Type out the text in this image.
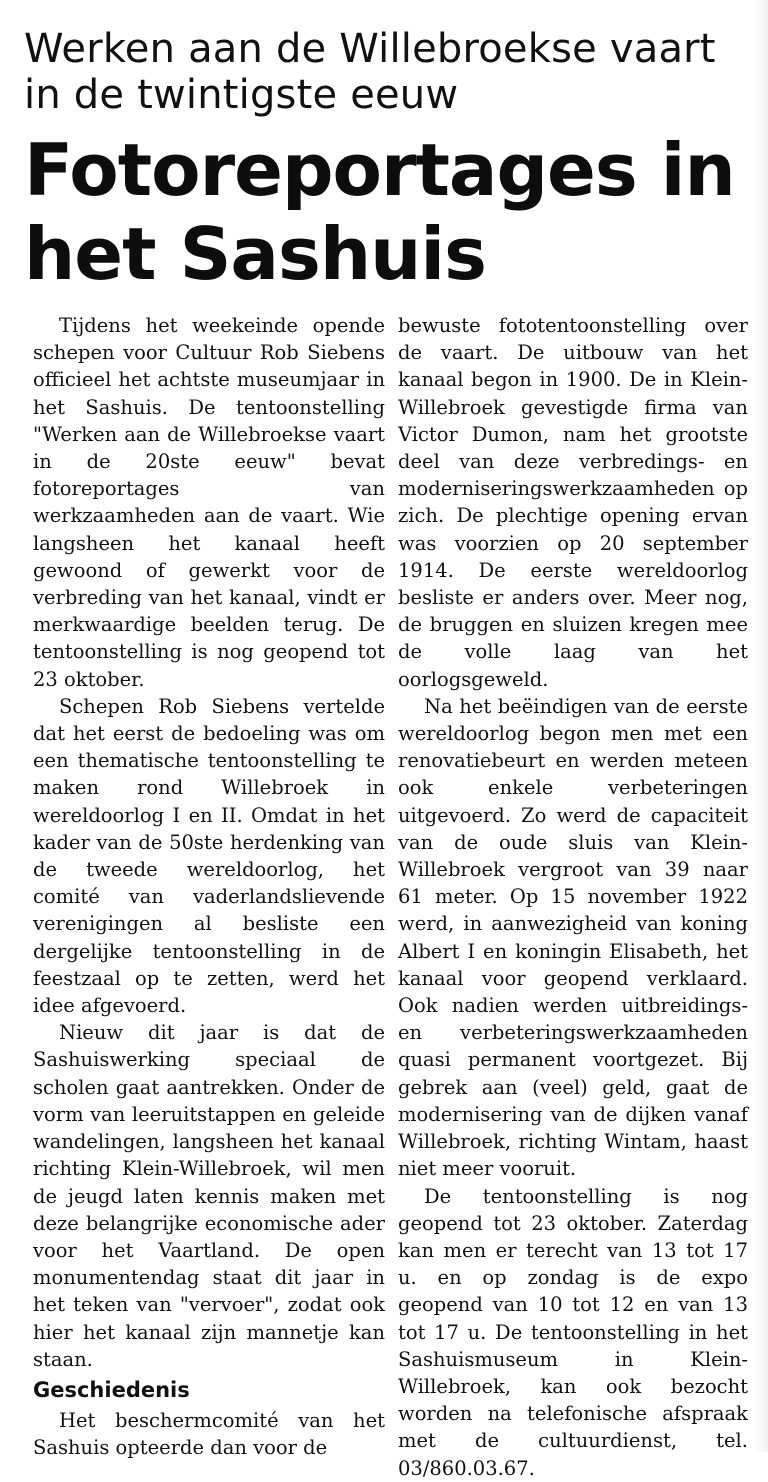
Werken aan de Willebroekse vaart in de twintigste eeuw
Fotoreportages in het Sashuis

Tijdens het weekeinde opende schepen voor Cultuur Rob Siebens officieel het achtste museumjaar in het Sashuis. De tentoonstelling "Werken aan de Willebroekse vaart in de 20ste eeuw" bevat fotoreportages van werkzaamheden aan de vaart. Wie langsheen het kanaal heeft gewoond of gewerkt voor de verbreding van het kanaal, vindt er merkwaardige beelden terug. De tentoonstelling is nog geopend tot 23 oktober.

Schepen Rob Siebens vertelde dat het eerst de bedoeling was om een thematische tentoonstelling te maken rond Willebroek in wereldoorlog I en II. Omdat in het kader van de 50ste herdenking van de tweede wereldoorlog, het comité van vaderlandslievende verenigingen al besliste een dergelijke tentoonstelling in de feestzaal op te zetten, werd het idee afgevoerd.

Nieuw dit jaar is dat de Sashuiswerking speciaal de scholen gaat aantrekken. Onder de vorm van leeruitstappen en geleide wandelingen, langsheen het kanaal richting Klein-Willebroek, wil men de jeugd laten kennis maken met deze belangrijke economische ader voor het Vaartland. De open monumentendag staat dit jaar in het teken van "vervoer", zodat ook hier het kanaal zijn mannetje kan staan.

Geschiedenis

Het beschermcomité van het Sashuis opteerde dan voor de

bewuste fototentoonstelling over de vaart. De uitbouw van het kanaal begon in 1900. De in Klein-Willebroek gevestigde firma van Victor Dumon, nam het grootste deel van deze verbredings- en moderniseringswerkzaamheden op zich. De plechtige opening ervan was voorzien op 20 september 1914. De eerste wereldoorlog besliste er anders over. Meer nog, de bruggen en sluizen kregen mee de volle laag van het oorlogsgeweld.

Na het beëindigen van de eerste wereldoorlog begon men met een renovatiebeurt en werden meteen ook enkele verbeteringen uitgevoerd. Zo werd de capaciteit van de oude sluis van Klein-Willebroek vergroot van 39 naar 61 meter. Op 15 november 1922 werd, in aanwezigheid van koning Albert I en koningin Elisabeth, het kanaal voor geopend verklaard. Ook nadien werden uitbreidings- en verbeteringswerkzaamheden quasi permanent voortgezet. Bij gebrek aan (veel) geld, gaat de modernisering van de dijken vanaf Willebroek, richting Wintam, haast niet meer vooruit.

De tentoonstelling is nog geopend tot 23 oktober. Zaterdag kan men er terecht van 13 tot 17 u. en op zondag is de expo geopend van 10 tot 12 en van 13 tot 17 u. De tentoonstelling in het Sashuismuseum in Klein-Willebroek, kan ook bezocht worden na telefonische afspraak met de cultuurdienst, tel. 03/860.03.67.
